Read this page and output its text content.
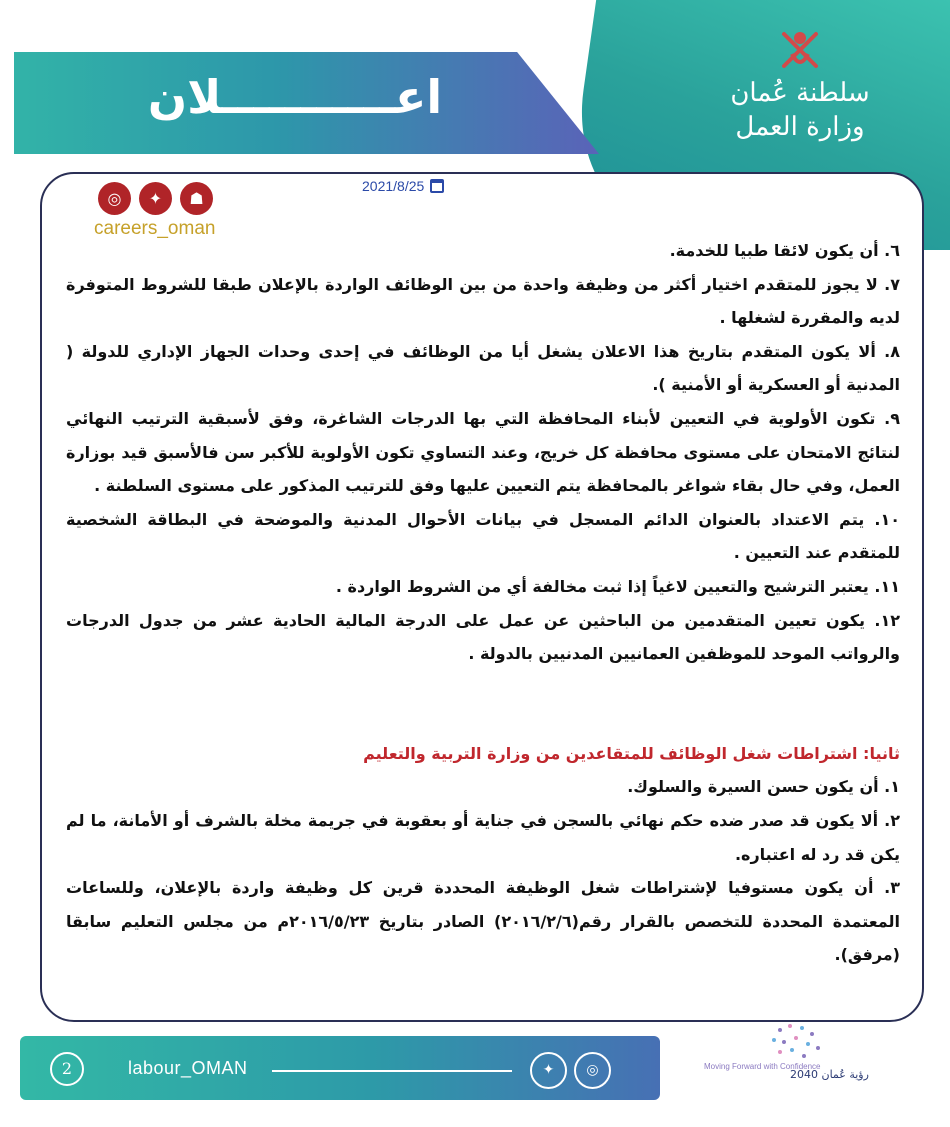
اعـــــــــــلان	سلطنة عُمان
وزارة العمل
2021/8/25
◎	✦	☗
careers_oman

٦. أن يكون لائقا طبيا للخدمة.

٧. لا يجوز للمتقدم اختيار أكثر من وظيفة واحدة من بين الوظائف الواردة بالإعلان طبقا للشروط المتوفرة لديه والمقررة لشغلها .

٨. ألا يكون المتقدم بتاريخ هذا الاعلان يشغل أيا من الوظائف في إحدى وحدات الجهاز الإداري للدولة ( المدنية أو العسكرية أو الأمنية ).

٩. تكون الأولوية في التعيين لأبناء المحافظة التي بها الدرجات الشاغرة، وفق لأسبقية الترتيب النهائي لنتائج الامتحان على مستوى محافظة كل خريج، وعند التساوي تكون الأولوية للأكبر سن فالأسبق قيد بوزارة العمل، وفي حال بقاء شواغر بالمحافظة يتم التعيين عليها وفق للترتيب المذكور على مستوى السلطنة .

١٠. يتم الاعتداد بالعنوان الدائم المسجل في بيانات الأحوال المدنية والموضحة في البطاقة الشخصية للمتقدم عند التعيين .

١١. يعتبر الترشيح والتعيين لاغياً إذا ثبت مخالفة أي من الشروط الواردة .

١٢. يكون تعيين المتقدمين من الباحثين عن عمل على الدرجة المالية الحادية عشر من جدول الدرجات والرواتب الموحد للموظفين العمانيين المدنيين بالدولة .

ثانيا: اشتراطات شغل الوظائف للمتقاعدين من وزارة التربية والتعليم

١. أن يكون حسن السيرة والسلوك.

٢. ألا يكون قد صدر ضده حكم نهائي بالسجن في جناية أو بعقوبة في جريمة مخلة بالشرف أو الأمانة، ما لم يكن قد رد له اعتباره.

٣. أن يكون مستوفيا لإشتراطات شغل الوظيفة المحددة قرين كل وظيفة واردة بالإعلان، وللساعات المعتمدة المحددة للتخصص بالقرار رقم(٢٠١٦/٢/٦) الصادر بتاريخ ٢٠١٦/٥/٢٣م من مجلس التعليم سابقا (مرفق).

2	labour_OMAN	✦	◎	Moving Forward with Confidence
رؤية عُمان 2040
